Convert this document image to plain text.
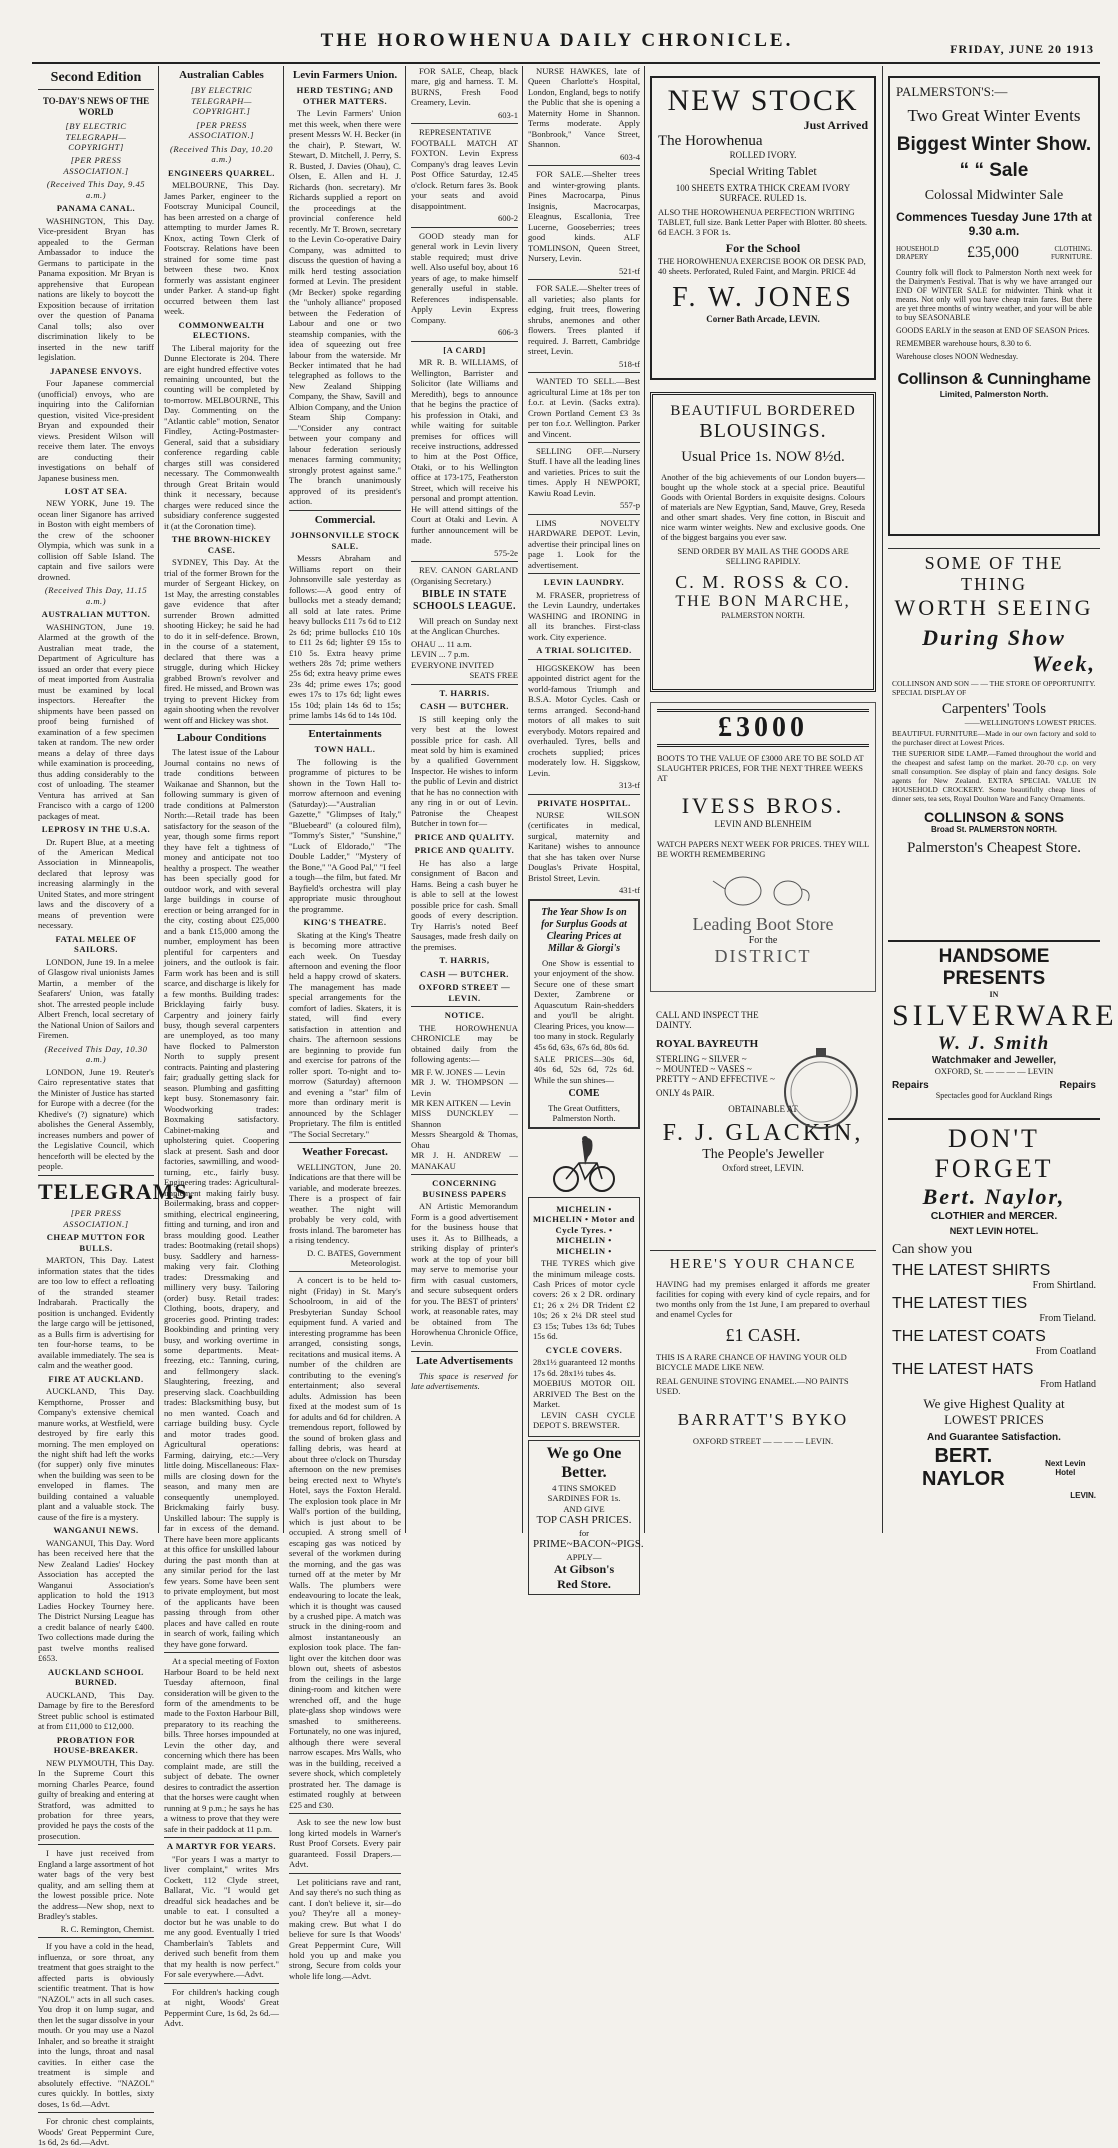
THE HOROWHENUA DAILY CHRONICLE.	FRIDAY, JUNE 20 1913
Second Edition
TO-DAY'S NEWS OF THE WORLD
[BY ELECTRIC TELEGRAPH—COPYRIGHT]
[PER PRESS ASSOCIATION.]
(Received This Day, 9.45 a.m.)
PANAMA CANAL.

WASHINGTON, This Day. Vice-president Bryan has appealed to the German Ambassador to induce the Germans to participate in the Panama exposition. Mr Bryan is apprehensive that European nations are likely to boycott the Exposition because of irritation over the question of Panama Canal tolls; also over discrimination likely to be inserted in the new tariff legislation.

JAPANESE ENVOYS.

Four Japanese commercial (unofficial) envoys, who are inquiring into the Californian question, visited Vice-president Bryan and expounded their views. President Wilson will receive them later. The envoys are conducting their investigations on behalf of Japanese business men.

LOST AT SEA.

NEW YORK, June 19. The ocean liner Siganore has arrived in Boston with eight members of the crew of the schooner Olympia, which was sunk in a collision off Sable Island. The captain and five sailors were drowned.

(Received This Day, 11.15 a.m.)
AUSTRALIAN MUTTON.

WASHINGTON, June 19. Alarmed at the growth of the Australian meat trade, the Department of Agriculture has issued an order that every piece of meat imported from Australia must be examined by local inspectors. Hereafter the shipments have been passed on proof being furnished of examination of a few specimen taken at random. The new order means a delay of three days while examination is proceeding, thus adding considerably to the cost of unloading. The steamer Ventura has arrived at San Francisco with a cargo of 1200 packages of meat.

LEPROSY IN THE U.S.A.

Dr. Rupert Blue, at a meeting of the American Medical Association in Minneapolis, declared that leprosy was increasing alarmingly in the United States, and more stringent laws and the discovery of a means of prevention were necessary.

FATAL MELEE OF SAILORS.

LONDON, June 19. In a melee of Glasgow rival unionists James Martin, a member of the Seafarers' Union, was fatally shot. The arrested people include Albert French, local secretary of the National Union of Sailors and Firemen.

(Received This Day, 10.30 a.m.)

LONDON, June 19. Reuter's Cairo representative states that the Minister of Justice has started for Europe with a decree (for the Khedive's (?) signature) which abolishes the General Assembly, increases numbers and power of the Legislative Council, which henceforth will be elected by the people.

TELEGRAMS.
[PER PRESS ASSOCIATION.]
CHEAP MUTTON FOR BULLS.

MARTON, This Day. Latest information states that the tides are too low to effect a refloating of the stranded steamer Indrabarah. Practically the position is unchanged. Evidently the large cargo will be jettisoned, as a Bulls firm is advertising for ten four-horse teams, to be available immediately. The sea is calm and the weather good.

FIRE AT AUCKLAND.

AUCKLAND, This Day. Kempthorne, Prosser and Company's extensive chemical manure works, at Westfield, were destroyed by fire early this morning. The men employed on the night shift had left the works (for supper) only five minutes when the building was seen to be enveloped in flames. The building contained a valuable plant and a valuable stock. The cause of the fire is a mystery.

WANGANUI NEWS.

WANGANUI, This Day. Word has been received here that the New Zealand Ladies' Hockey Association has accepted the Wanganui Association's application to hold the 1913 Ladies Hockey Tourney here. The District Nursing League has a credit balance of nearly £400. Two collections made during the past twelve months realised £653.

AUCKLAND SCHOOL BURNED.

AUCKLAND, This Day. Damage by fire to the Beresford Street public school is estimated at from £11,000 to £12,000.

PROBATION FOR HOUSE-BREAKER.

NEW PLYMOUTH, This Day. In the Supreme Court this morning Charles Pearce, found guilty of breaking and entering at Stratford, was admitted to probation for three years, provided he pays the costs of the prosecution.

I have just received from England a large assortment of hot water bags of the very best quality, and am selling them at the lowest possible price. Note the address—New shop, next to Bradley's stables.

R. C. Remington, Chemist.

If you have a cold in the head, influenza, or sore throat, any treatment that goes straight to the affected parts is obviously scientific treatment. That is how "NAZOL" acts in all such cases. You drop it on lump sugar, and then let the sugar dissolve in your mouth. Or you may use a Nazol Inhaler, and so breathe it straight into the lungs, throat and nasal cavities. In either case the treatment is simple and absolutely effective. "NAZOL" cures quickly. In bottles, sixty doses, 1s 6d.—Advt.

For chronic chest complaints, Woods' Great Peppermint Cure, 1s 6d, 2s 6d.—Advt.

Australian Cables
[BY ELECTRIC TELEGRAPH—COPYRIGHT.]
[PER PRESS ASSOCIATION.]
(Received This Day, 10.20 a.m.)
ENGINEERS QUARREL.

MELBOURNE, This Day. James Parker, engineer to the Footscray Municipal Council, has been arrested on a charge of attempting to murder James R. Knox, acting Town Clerk of Footscray. Relations have been strained for some time past between these two. Knox formerly was assistant engineer under Parker. A stand-up fight occurred between them last week.

COMMONWEALTH ELECTIONS.

The Liberal majority for the Dunne Electorate is 204. There are eight hundred effective votes remaining uncounted, but the counting will be completed by to-morrow. MELBOURNE, This Day. Commenting on the "Atlantic cable" motion, Senator Findley, Acting-Postmaster-General, said that a subsidiary conference regarding cable charges still was considered necessary. The Commonwealth through Great Britain would think it necessary, because charges were reduced since the subsidiary conference suggested it (at the Coronation time).

THE BROWN-HICKEY CASE.

SYDNEY, This Day. At the trial of the former Brown for the murder of Sergeant Hickey, on 1st May, the arresting constables gave evidence that after surrender Brown admitted shooting Hickey; he said he had to do it in self-defence. Brown, in the course of a statement, declared that there was a struggle, during which Hickey grabbed Brown's revolver and fired. He missed, and Brown was trying to prevent Hickey from again shooting when the revolver went off and Hickey was shot.

Labour Conditions

The latest issue of the Labour Journal contains no news of trade conditions between Waikanae and Shannon, but the following summary is given of trade conditions at Palmerston North:—Retail trade has been satisfactory for the season of the year, though some firms report they have felt a tightness of money and anticipate not too healthy a prospect. The weather has been specially good for outdoor work, and with several large buildings in course of erection or being arranged for in the city, costing about £25,000 and a bank £15,000 among the number, employment has been plentiful for carpenters and joiners, and the outlook is fair. Farm work has been and is still scarce, and discharge is likely for a few months. Building trades: Bricklaying fairly busy. Carpentry and joinery fairly busy, though several carpenters are unemployed, as too many have flocked to Palmerston North to supply present contracts. Painting and plastering fair; gradually getting slack for season. Plumbing and gasfitting kept busy. Stonemasonry fair. Woodworking trades: Boxmaking satisfactory. Cabinet-making and upholstering quiet. Coopering slack at present. Sash and door factories, sawmilling, and wood-turning, etc., fairly busy. Engineering trades: Agricultural-implement making fairly busy. Boilermaking, brass and copper-smithing, electrical engineering, fitting and turning, and iron and brass moulding good. Leather trades: Bootmaking (retail shops) busy. Saddlery and harness-making very fair. Clothing trades: Dressmaking and millinery very busy. Tailoring (order) busy. Retail trades: Clothing, boots, drapery, and groceries good. Printing trades: Bookbinding and printing very busy, and working overtime in some departments. Meat-freezing, etc.: Tanning, curing, and fellmongery slack. Slaughtering, freezing, and preserving slack. Coachbuilding trades: Blacksmithing busy, but no men wanted. Coach and carriage building busy. Cycle and motor trades good. Agricultural operations: Farming, dairying, etc.:—Very little doing. Miscellaneous: Flax-mills are closing down for the season, and many men are consequently unemployed. Brickmaking fairly busy. Unskilled labour: The supply is far in excess of the demand. There have been more applicants at this office for unskilled labour during the past month than at any similar period for the last few years. Some have been sent to private employment, but most of the applicants have been passing through from other places and have called en route in search of work, failing which they have gone forward.

At a special meeting of Foxton Harbour Board to be held next Tuesday afternoon, final consideration will be given to the form of the amendments to be made to the Foxton Harbour Bill, preparatory to its reaching the bills. Three horses impounded at Levin the other day, and concerning which there has been complaint made, are still the subject of debate. The owner desires to contradict the assertion that the horses were caught when running at 9 p.m.; he says he has a witness to prove that they were safe in their paddock at 11 p.m.

A MARTYR FOR YEARS.

"For years I was a martyr to liver complaint," writes Mrs Cockett, 112 Clyde street, Ballarat, Vic. "I would get dreadful sick headaches and be unable to eat. I consulted a doctor but he was unable to do me any good. Eventually I tried Chamberlain's Tablets and derived such benefit from them that my health is now perfect." For sale everywhere.—Advt.

For children's hacking cough at night, Woods' Great Peppermint Cure, 1s 6d, 2s 6d.—Advt.

Levin Farmers Union.
HERD TESTING; AND OTHER MATTERS.

The Levin Farmers' Union met this week, when there were present Messrs W. H. Becker (in the chair), P. Stewart, W. Stewart, D. Mitchell, J. Perry, S. R. Busted, J. Davies (Ohau), C. Olsen, E. Allen and H. J. Richards (hon. secretary). Mr Richards supplied a report on the proceedings at the provincial conference held recently. Mr T. Brown, secretary to the Levin Co-operative Dairy Company, was admitted to discuss the question of having a milk herd testing association formed at Levin. The president (Mr Becker) spoke regarding the "unholy alliance" proposed between the Federation of Labour and one or two steamship companies, with the idea of squeezing out free labour from the waterside. Mr Becker intimated that he had telegraphed as follows to the New Zealand Shipping Company, the Shaw, Savill and Albion Company, and the Union Steam Ship Company:—"Consider any contract between your company and labour federation seriously menaces farming community; strongly protest against same." The branch unanimously approved of its president's action.

Commercial.
JOHNSONVILLE STOCK SALE.

Messrs Abraham and Williams report on their Johnsonville sale yesterday as follows:—A good entry of bullocks met a steady demand; all sold at late rates. Prime heavy bullocks £11 7s 6d to £12 2s 6d; prime bullocks £10 10s to £11 2s 6d; lighter £9 15s to £10 5s. Extra heavy prime wethers 28s 7d; prime wethers 25s 6d; extra heavy prime ewes 23s 4d; prime ewes 17s; good ewes 17s to 17s 6d; light ewes 15s 10d; plain 14s 6d to 15s; prime lambs 14s 6d to 14s 10d.

Entertainments
TOWN HALL.

The following is the programme of pictures to be shown in the Town Hall to-morrow afternoon and evening (Saturday):—"Australian Gazette," "Glimpses of Italy," "Bluebeard" (a coloured film), "Tommy's Sister," "Sunshine," "Luck of Eldorado," "The Double Ladder," "Mystery of the Bone," "A Good Pal," "I feel a tough—the film, but fated. Mr Bayfield's orchestra will play appropriate music throughout the programme.

KING'S THEATRE.

Skating at the King's Theatre is becoming more attractive each week. On Tuesday afternoon and evening the floor held a happy crowd of skaters. The management has made special arrangements for the comfort of ladies. Skaters, it is stated, will find every satisfaction in attention and chairs. The afternoon sessions are beginning to provide fun and exercise for patrons of the roller sport. To-night and to-morrow (Saturday) afternoon and evening a "star" film of more than ordinary merit is announced by the Schlager Proprietary. The film is entitled "The Social Secretary."

Weather Forecast.

WELLINGTON, June 20. Indications are that there will be variable, and moderate breezes. There is a prospect of fair weather. The night will probably be very cold, with frosts inland. The barometer has a rising tendency.

D. C. BATES, Government Meteorologist.

A concert is to be held to-night (Friday) in St. Mary's Schoolroom, in aid of the Presbyterian Sunday School equipment fund. A varied and interesting programme has been arranged, consisting songs, recitations and musical items. A number of the children are contributing to the evening's entertainment; also several adults. Admission has been fixed at the modest sum of 1s for adults and 6d for children. A tremendous report, followed by the sound of broken glass and falling debris, was heard at about three o'clock on Thursday afternoon on the new premises being erected next to Whyte's Hotel, says the Foxton Herald. The explosion took place in Mr Wall's portion of the building, which is just about to be occupied. A strong smell of escaping gas was noticed by several of the workmen during the morning, and the gas was turned off at the meter by Mr Walls. The plumbers were endeavouring to locate the leak, which it is thought was caused by a crushed pipe. A match was struck in the dining-room and almost instantaneously an explosion took place. The fan-light over the kitchen door was blown out, sheets of asbestos from the ceilings in the large dining-room and kitchen were wrenched off, and the huge plate-glass shop windows were smashed to smithereens. Fortunately, no one was injured, although there were several narrow escapes. Mrs Walls, who was in the building, received a severe shock, which completely prostrated her. The damage is estimated roughly at between £25 and £30.

Ask to see the new low bust long kirted models in Warner's Rust Proof Corsets. Every pair guaranteed. Fossil Drapers.—Advt.

Let politicians rave and rant, And say there's no such thing as cant. I don't believe it, sir—do you? They're all a money-making crew. But what I do believe for sure Is that Woods' Great Peppermint Cure, Will hold you up and make you strong, Secure from colds your whole life long.—Advt.

FOR SALE, Cheap, black mare, gig and harness. T. M. BURNS, Fresh Food Creamery, Levin.

603-1

REPRESENTATIVE FOOTBALL MATCH AT FOXTON. Levin Express Company's drag leaves Levin Post Office Saturday, 12.45 o'clock. Return fares 3s. Book your seats and avoid disappointment.

600-2

GOOD steady man for general work in Levin livery stable required; must drive well. Also useful boy, about 16 years of age, to make himself generally useful in stable. References indispensable. Apply Levin Express Company.

606-3

[A CARD]

MR R. B. WILLIAMS, of Wellington, Barrister and Solicitor (late Williams and Meredith), begs to announce that he begins the practice of his profession in Otaki, and while waiting for suitable premises for offices will receive instructions, addressed to him at the Post Office, Otaki, or to his Wellington office at 173-175, Featherston Street, which will receive his personal and prompt attention. He will attend sittings of the Court at Otaki and Levin. A further announcement will be made.

575-2e

REV. CANON GARLAND (Organising Secretary.)

BIBLE IN STATE SCHOOLS LEAGUE.

Will preach on Sunday next at the Anglican Churches.

OHAU ... 11 a.m.

LEVIN ... 7 p.m.

EVERYONE INVITED

SEATS FREE

T. HARRIS.
CASH — BUTCHER.

IS still keeping only the very best at the lowest possible price for cash. All meat sold by him is examined by a qualified Government Inspector. He wishes to inform the public of Levin and district that he has no connection with any ring in or out of Levin. Patronise the Cheapest Butcher in town for—

PRICE AND QUALITY.
PRICE AND QUALITY.

He has also a large consignment of Bacon and Hams. Being a cash buyer he is able to sell at the lowest possible price for cash. Small goods of every description. Try Harris's noted Beef Sausages, made fresh daily on the premises.

T. HARRIS,
CASH — BUTCHER.
OXFORD STREET — LEVIN.
NOTICE.

THE HOROWHENUA CHRONICLE may be obtained daily from the following agents:—

MR F. W. JONES — Levin

MR J. W. THOMPSON — Levin

MR KEN AITKEN — Levin

MISS DUNCKLEY — Shannon

Messrs Sheargold & Thomas, Ohau

MR J. H. ANDREW — MANAKAU

CONCERNING BUSINESS PAPERS

AN Artistic Memorandum Form is a good advertisement for the business house that uses it. As to Billheads, a striking display of printer's work at the top of your bill may serve to memorise your firm with casual customers, and secure subsequent orders for you. The BEST of printers' work, at reasonable rates, may be obtained from The Horowhenua Chronicle Office, Levin.

Late Advertisements

This space is reserved for late advertisements.

NURSE HAWKES, late of Queen Charlotte's Hospital, London, England, begs to notify the Public that she is opening a Maternity Home in Shannon. Terms moderate. Apply "Bonbrook," Vance Street, Shannon.

603-4

FOR SALE.—Shelter trees and winter-growing plants. Pines Macrocarpa, Pinus Insignis, Macrocarpas, Eleagnus, Escallonia, Tree Lucerne, Gooseberries; trees good kinds. ALF TOMLINSON, Queen Street, Nursery, Levin.

521-tf

FOR SALE.—Shelter trees of all varieties; also plants for edging, fruit trees, flowering shrubs, anemones and other flowers. Trees planted if required. J. Barrett, Cambridge street, Levin.

518-tf

WANTED TO SELL.—Best agricultural Lime at 18s per ton f.o.r. at Levin. (Sacks extra). Crown Portland Cement £3 3s per ton f.o.r. Wellington. Parker and Vincent.

SELLING OFF.—Nursery Stuff. I have all the leading lines and varieties. Prices to suit the times. Apply H NEWPORT, Kawiu Road Levin.

557-p

LIMS NOVELTY HARDWARE DEPOT. Levin, advertise their principal lines on page 1. Look for the advertisement.

LEVIN LAUNDRY.

M. FRASER, proprietress of the Levin Laundry, undertakes WASHING and IRONING in all its branches. First-class work. City experience.

A TRIAL SOLICITED.

HIGGSKEKOW has been appointed district agent for the world-famous Triumph and B.S.A. Motor Cycles. Cash or terms arranged. Second-hand motors of all makes to suit everybody. Motors repaired and overhauled. Tyres, bells and crochets supplied; prices moderately low. H. Siggskow, Levin.

313-tf

PRIVATE HOSPITAL.

NURSE WILSON (certificates in medical, surgical, maternity and Karitane) wishes to announce that she has taken over Nurse Douglas's Private Hospital, Bristol Street, Levin.

431-tf

The Year Show Is on for Surplus Goods at Clearing Prices at Millar & Giorgi's

One Show is essential to your enjoyment of the show. Secure one of these smart Dexter, Zambrene or Aquascutum Rain-shedders and you'll be alright. Clearing Prices, you know—too many in stock. Regularly 45s 6d, 63s, 67s 6d, 80s 6d.

SALE PRICES—30s 6d, 40s 6d, 52s 6d, 72s 6d. While the sun shines—

COME

The Great Outfitters, Palmerston North.

MICHELIN • MICHELIN • Motor and Cycle Tyres. • MICHELIN • MICHELIN •

THE TYRES which give the minimum mileage costs. Cash Prices of motor cycle covers: 26 x 2 DR. ordinary £1; 26 x 2½ DR Trident £2 10s; 26 x 2¼ DR steel stud £3 15s; Tubes 13s 6d; Tubes 15s 6d.

CYCLE COVERS.

28x1½ guaranteed 12 months 17s 6d. 28x1½ tubes 4s.

MOEBIUS MOTOR OIL ARRIVED The Best on the Market.

LEVIN CASH CYCLE DEPOT S. BREWSTER.

We go One
Better.

4 TINS SMOKED SARDINES FOR 1s.

AND GIVE

TOP CASH PRICES.

for

PRIME~BACON~PIGS.

APPLY—

At Gibson's
Red Store.
NEW STOCK
Just Arrived
The Horowhenua
ROLLED IVORY.
Special Writing Tablet
100 SHEETS EXTRA THICK CREAM IVORY SURFACE. RULED 1s.
ALSO THE HOROWHENUA PERFECTION WRITING TABLET, full size. Bank Letter Paper with Blotter. 80 sheets. 6d EACH. 3 FOR 1s.
For the School
THE HOROWHENUA EXERCISE BOOK OR DESK PAD, 40 sheets. Perforated, Ruled Faint, and Margin. PRICE 4d
F. W. JONES
Corner Bath Arcade, LEVIN.
BEAUTIFUL BORDERED
BLOUSINGS.
Usual Price 1s. NOW 8½d.
Another of the big achievements of our London buyers—bought up the whole stock at a special price. Beautiful Goods with Oriental Borders in exquisite designs. Colours of materials are New Egyptian, Sand, Mauve, Grey, Reseda and other smart shades. Very fine cotton, in Biscuit and nice warm winter weights. New and exclusive goods. One of the biggest bargains you ever saw.
SEND ORDER BY MAIL AS THE GOODS ARE SELLING RAPIDLY.
C. M. ROSS & CO.
THE BON MARCHE,
PALMERSTON NORTH.
£3000
BOOTS TO THE VALUE OF £3000 ARE TO BE SOLD AT SLAUGHTER PRICES, FOR THE NEXT THREE WEEKS AT
IVESS BROS.
LEVIN AND BLENHEIM
WATCH PAPERS NEXT WEEK FOR PRICES. THEY WILL BE WORTH REMEMBERING
Leading Boot Store
For the
DISTRICT
CALL AND INSPECT THE
DAINTY.
ROYAL BAYREUTH
STERLING ~ SILVER ~
~ MOUNTED ~ VASES ~
PRETTY ~ AND EFFECTIVE ~
ONLY 4s PAIR.
OBTAINABLE AT
F. J. GLACKIN,
The People's Jeweller
Oxford street, LEVIN.
HERE'S YOUR CHANCE
HAVING had my premises enlarged it affords me greater facilities for coping with every kind of cycle repairs, and for two months only from the 1st June, I am prepared to overhaul and enamel Cycles for
£1 CASH.
THIS IS A RARE CHANCE OF HAVING YOUR OLD BICYCLE MADE LIKE NEW.
REAL GENUINE STOVING ENAMEL.—NO PAINTS USED.
BARRATT'S BYKO
OXFORD STREET — — — — LEVIN.
PALMERSTON'S:—
Two Great Winter Events
Biggest Winter Show.
“ “ Sale
Colossal Midwinter Sale
Commences Tuesday June 17th at
9.30 a.m.
HOUSEHOLD DRAPERY	£35,000	CLOTHING. FURNITURE.
Country folk will flock to Palmerston North next week for the Dairymen's Festival. That is why we have arranged our END OF WINTER SALE for midwinter. Think what it means. Not only will you have cheap train fares. But there are yet three months of wintry weather, and your will be able to buy SEASONABLE
GOODS EARLY in the season at END OF SEASON Prices.
REMEMBER warehouse hours, 8.30 to 6.
Warehouse closes NOON Wednesday.
Collinson & Cunninghame
Limited, Palmerston North.
SOME OF THE THING
WORTH SEEING
During Show
Week,
COLLINSON AND SON — — THE STORE OF OPPORTUNITY. SPECIAL DISPLAY OF
Carpenters' Tools
——WELLINGTON'S LOWEST PRICES.
BEAUTIFUL FURNITURE—Made in our own factory and sold to the purchaser direct at Lowest Prices.
THE SUPERIOR SIDE LAMP.—Famed throughout the world and the cheapest and safest lamp on the market. 20-70 c.p. on very small consumption. See display of plain and fancy designs. Sole agents for New Zealand. EXTRA SPECIAL VALUE IN HOUSEHOLD CROCKERY. Some beautifully cheap lines of dinner sets, tea sets, Royal Doulton Ware and Fancy Ornaments.
COLLINSON & SONS
Broad St. PALMERSTON NORTH.
Palmerston's Cheapest Store.
HANDSOME PRESENTS
IN
SILVERWARE
W. J. Smith
Watchmaker and Jeweller,
OXFORD, St. — — — — LEVIN
Repairs	Repairs
Spectacles good for Auckland Rings
DON'T FORGET
Bert. Naylor,
CLOTHIER and MERCER.
NEXT LEVIN HOTEL.
Can show you
THE LATEST SHIRTS
From Shirtland.
THE LATEST TIES
From Tieland.
THE LATEST COATS
From Coatland
THE LATEST HATS
From Hatland
We give Highest Quality at
LOWEST PRICES
And Guarantee Satisfaction.
BERT. NAYLOR
Next Levin Hotel
LEVIN.
